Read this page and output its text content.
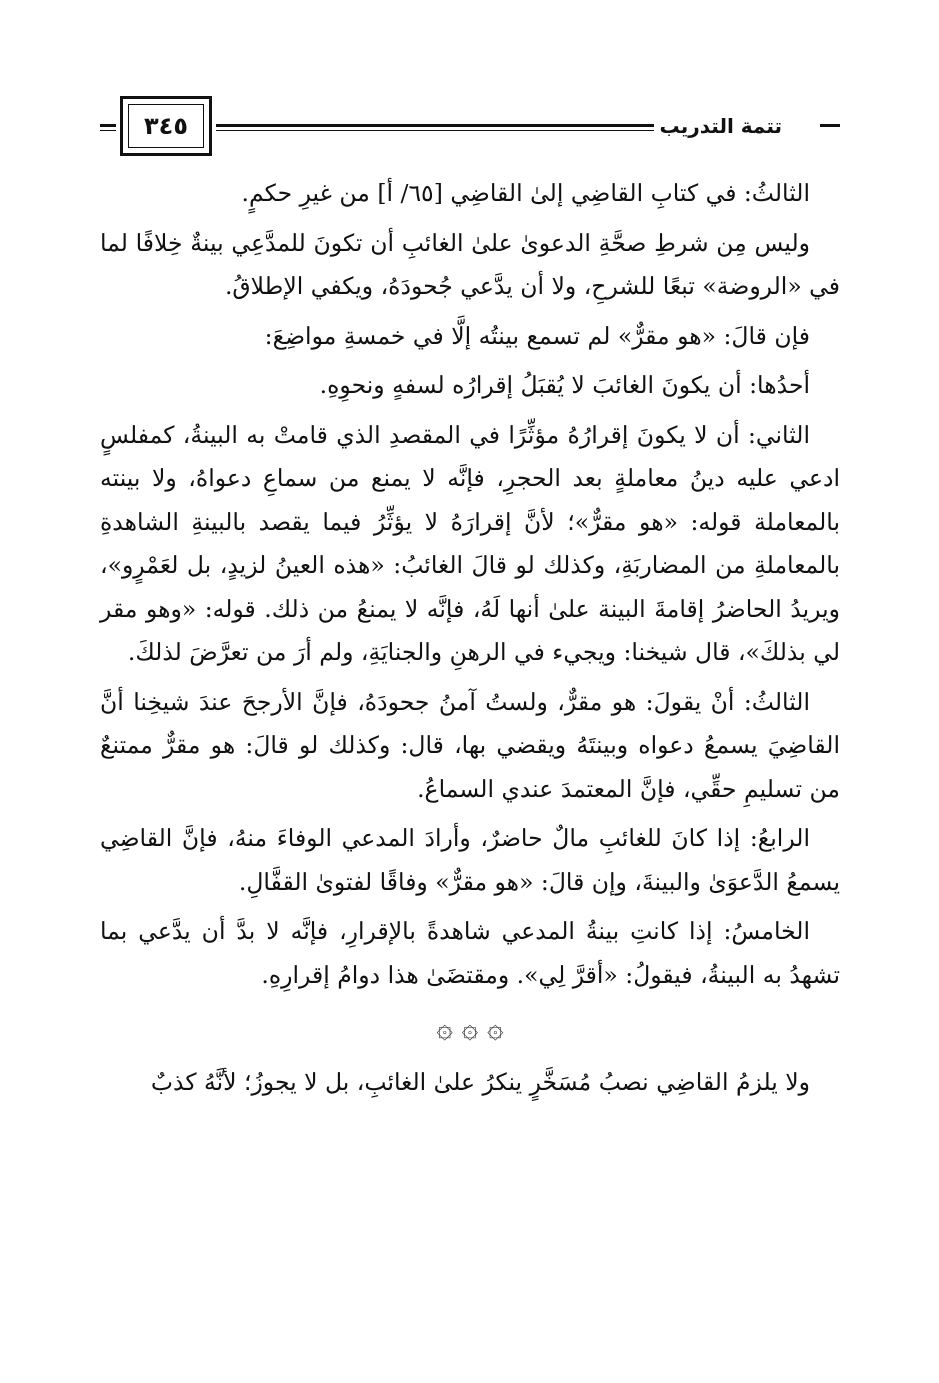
٣٤٥	تتمة التدريب

الثالثُ: في كتابِ القاضِي إلىٰ القاضِي [٦٥/ أ] من غيرِ حكمٍ.

وليس مِن شرطِ صحَّةِ الدعوىٰ علىٰ الغائبِ أن تكونَ للمدَّعِي بينةٌ خِلافًا لما في «الروضة» تبعًا للشرحِ، ولا أن يدَّعي جُحودَهُ، ويكفي الإطلاقُ.

فإن قالَ: «هو مقرٌّ» لم تسمع بينتُه إلَّا في خمسةِ مواضِعَ:

أحدُها: أن يكونَ الغائبَ لا يُقبَلُ إقرارُه لسفهٍ ونحوِهِ.

الثاني: أن لا يكونَ إقرارُهُ مؤثِّرًا في المقصدِ الذي قامتْ به البينةُ، كمفلسٍ ادعي عليه دينُ معاملةٍ بعد الحجرِ، فإنَّه لا يمنع من سماعِ دعواهُ، ولا بينته بالمعاملة قوله: «هو مقرٌّ»؛ لأنَّ إقرارَهُ لا يؤثِّرُ فيما يقصد بالبينةِ الشاهدةِ بالمعاملةِ من المضاربَةِ، وكذلك لو قالَ الغائبُ: «هذه العينُ لزيدٍ، بل لعَمْرٍو»، ويريدُ الحاضرُ إقامةَ البينة علىٰ أنها لَهُ، فإنَّه لا يمنعُ من ذلك. قوله: «وهو مقر لي بذلكَ»، قال شيخنا: ويجيء في الرهنِ والجنايَةِ، ولم أرَ من تعرَّضَ لذلكَ.

الثالثُ: أنْ يقولَ: هو مقرٌّ، ولستُ آمنُ جحودَهُ، فإنَّ الأرجحَ عندَ شيخِنا أنَّ القاضِيَ يسمعُ دعواه وبينتَهُ ويقضي بها، قال: وكذلك لو قالَ: هو مقرٌّ ممتنعٌ من تسليمِ حقِّي، فإنَّ المعتمدَ عندي السماعُ.

الرابعُ: إذا كانَ للغائبِ مالٌ حاضرٌ، وأرادَ المدعي الوفاءَ منهُ، فإنَّ القاضِي يسمعُ الدَّعوَىٰ والبينةَ، وإن قالَ: «هو مقرٌّ» وفاقًا لفتوىٰ القفَّالِ.

الخامسُ: إذا كانتِ بينةُ المدعي شاهدةً بالإقرارِ، فإنَّه لا بدَّ أن يدَّعي بما تشهدُ به البينةُ، فيقولُ: «أقرَّ لِي». ومقتضَىٰ هذا دوامُ إقرارِهِ.

۞ ۞ ۞

ولا يلزمُ القاضِي نصبُ مُسَخَّرٍ ينكرُ علىٰ الغائبِ، بل لا يجوزُ؛ لأنَّهُ كذبٌ
